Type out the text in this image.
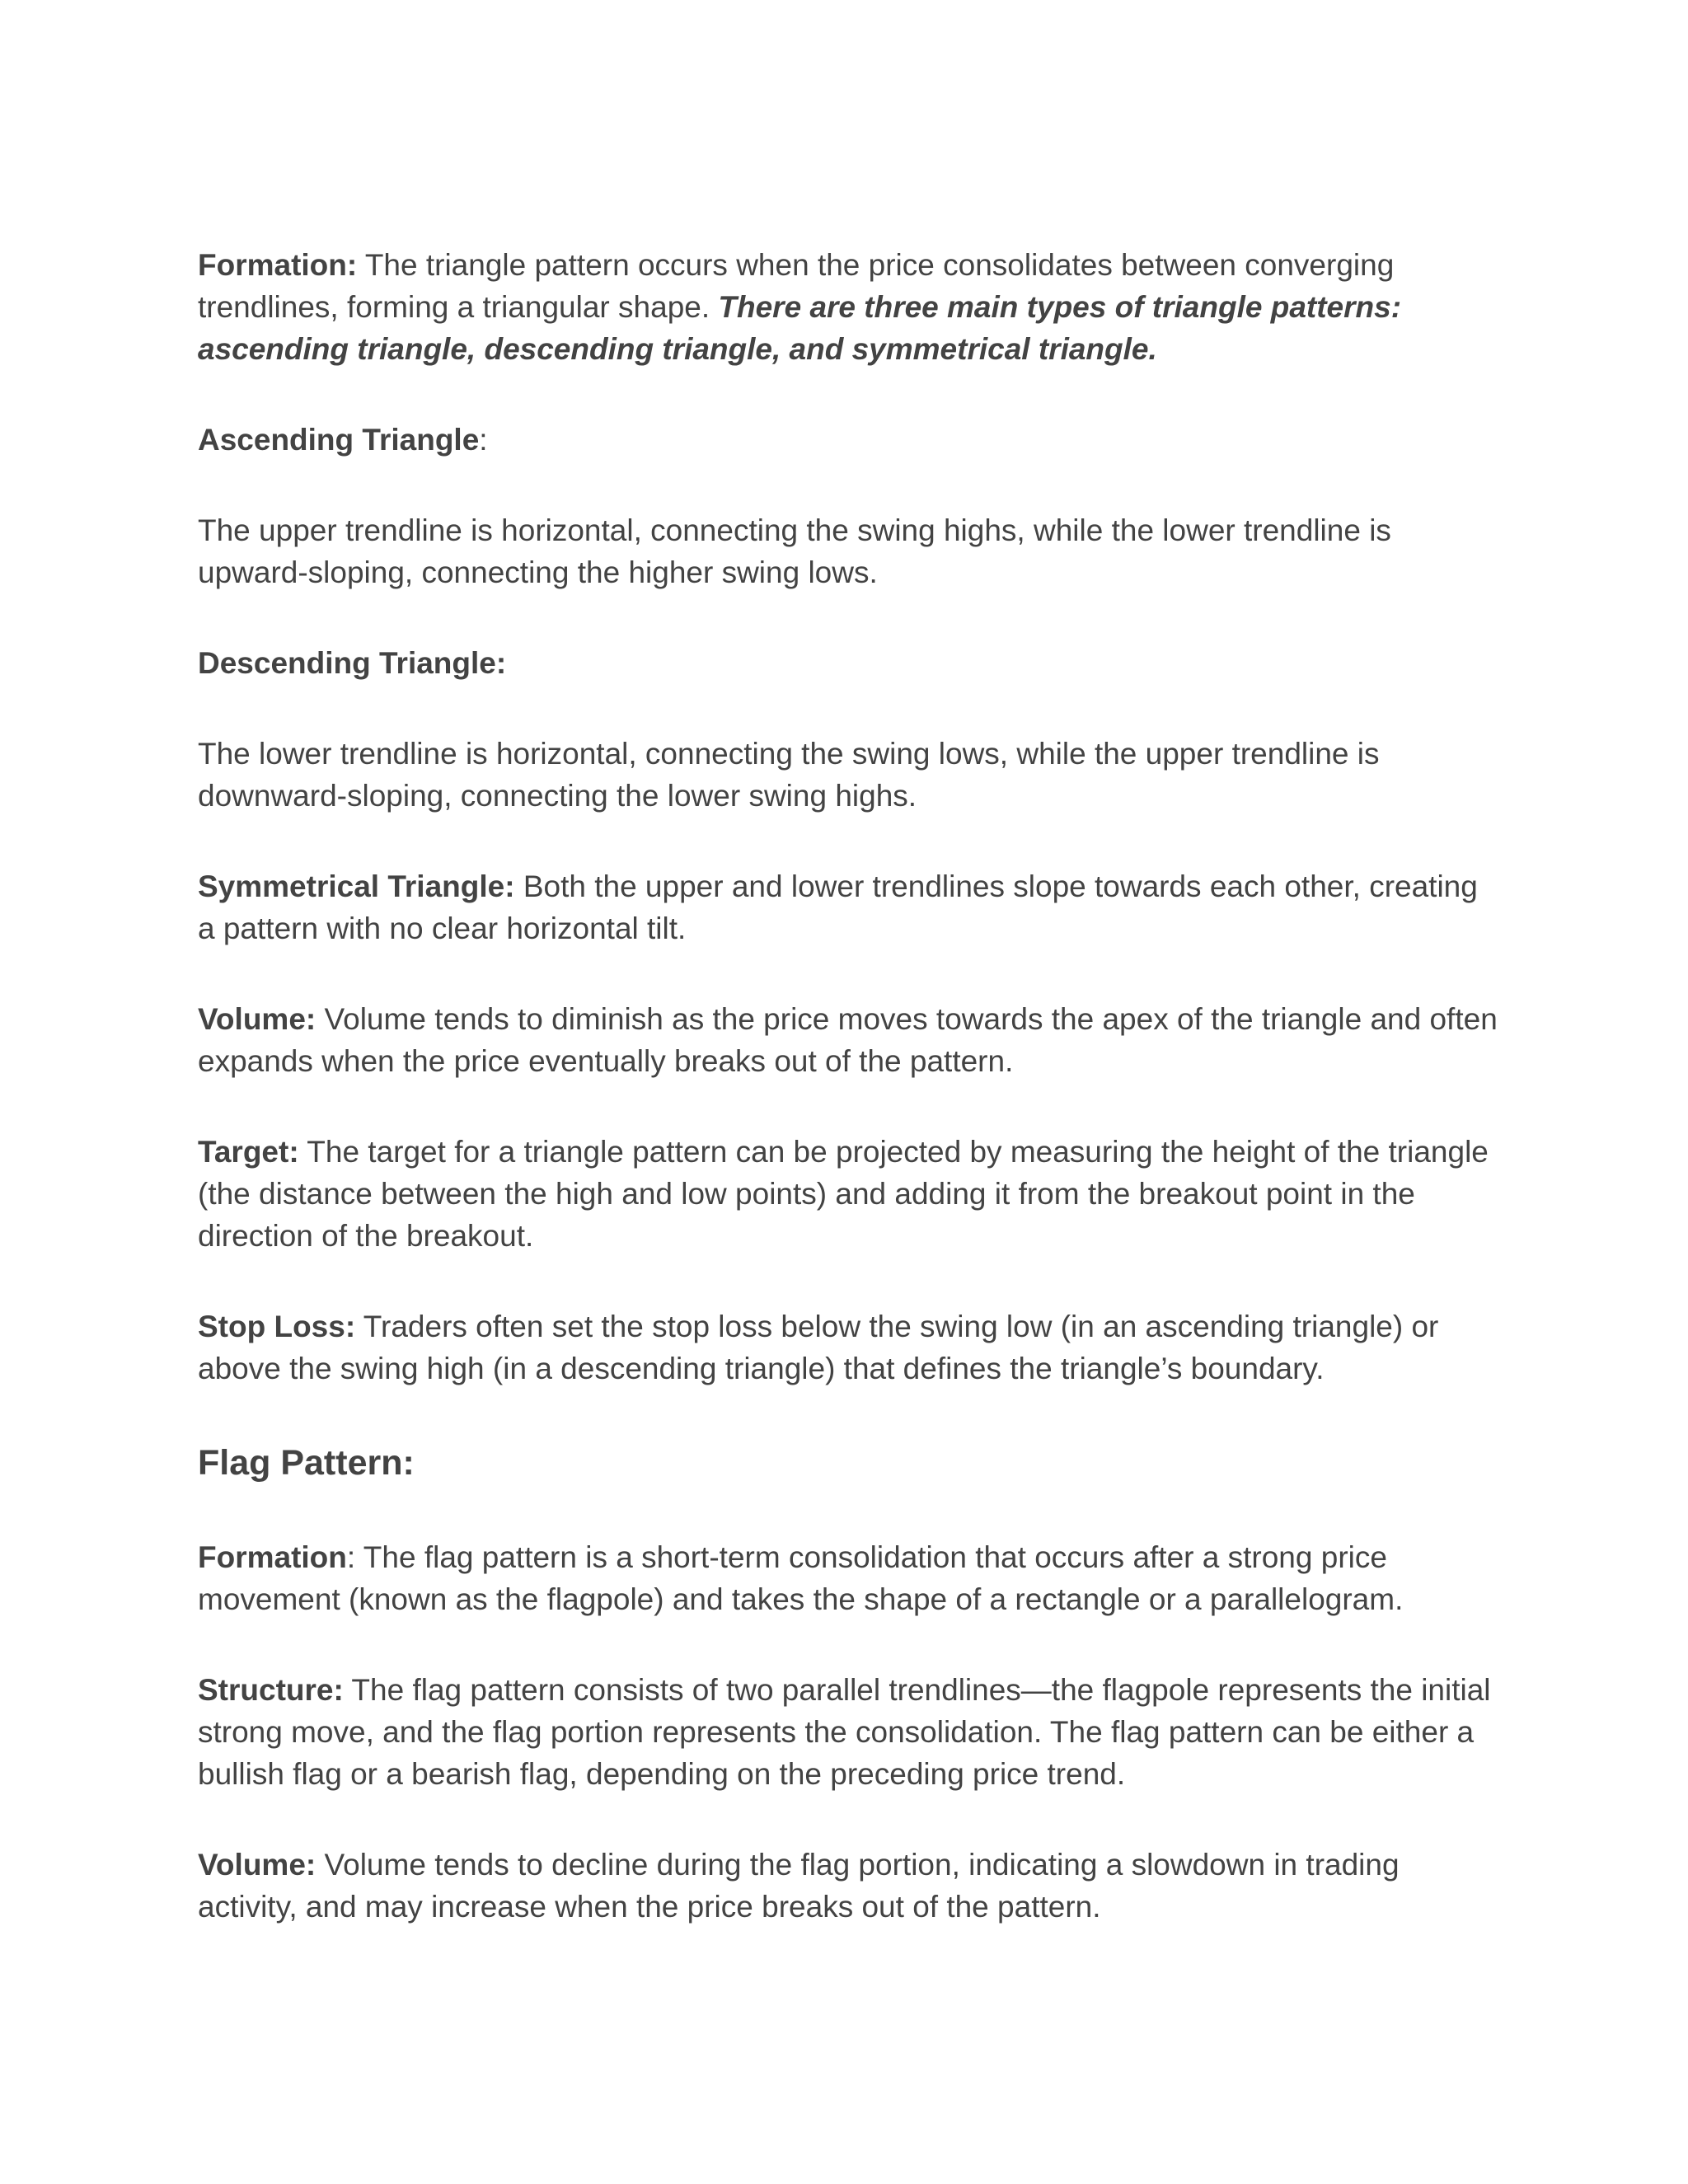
Formation: The triangle pattern occurs when the price consolidates between converging trendlines, forming a triangular shape. There are three main types of triangle patterns: ascending triangle, descending triangle, and symmetrical triangle.

Ascending Triangle:

The upper trendline is horizontal, connecting the swing highs, while the lower trendline is upward-sloping, connecting the higher swing lows.

Descending Triangle:

The lower trendline is horizontal, connecting the swing lows, while the upper trendline is downward-sloping, connecting the lower swing highs.

Symmetrical Triangle: Both the upper and lower trendlines slope towards each other, creating a pattern with no clear horizontal tilt.

Volume: Volume tends to diminish as the price moves towards the apex of the triangle and often expands when the price eventually breaks out of the pattern.

Target: The target for a triangle pattern can be projected by measuring the height of the triangle (the distance between the high and low points) and adding it from the breakout point in the direction of the breakout.

Stop Loss: Traders often set the stop loss below the swing low (in an ascending triangle) or above the swing high (in a descending triangle) that defines the triangle’s boundary.

Flag Pattern:

Formation: The flag pattern is a short-term consolidation that occurs after a strong price movement (known as the flagpole) and takes the shape of a rectangle or a parallelogram.

Structure: The flag pattern consists of two parallel trendlines—the flagpole represents the initial strong move, and the flag portion represents the consolidation. The flag pattern can be either a bullish flag or a bearish flag, depending on the preceding price trend.

Volume: Volume tends to decline during the flag portion, indicating a slowdown in trading activity, and may increase when the price breaks out of the pattern.
